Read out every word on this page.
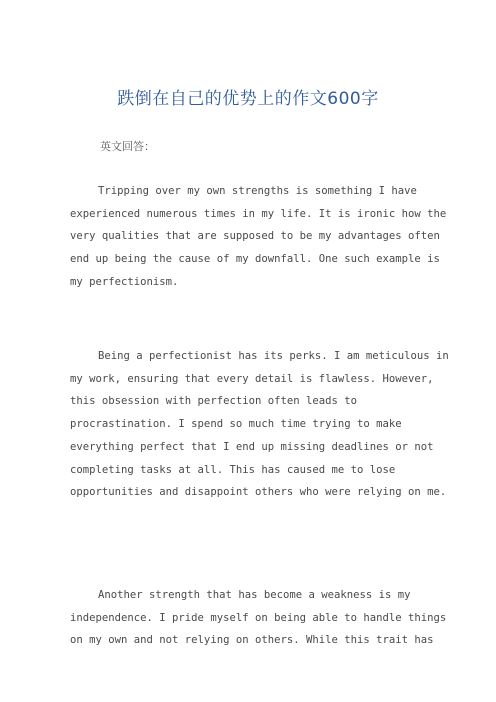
跌倒在自己的优势上的作文600字
英文回答：
Tripping over my own strengths is something I have
experienced numerous times in my life. It is ironic how the
very qualities that are supposed to be my advantages often
end up being the cause of my downfall. One such example is
my perfectionism.
Being a perfectionist has its perks. I am meticulous in
my work, ensuring that every detail is flawless. However,
this obsession with perfection often leads to
procrastination. I spend so much time trying to make
everything perfect that I end up missing deadlines or not
completing tasks at all. This has caused me to lose
opportunities and disappoint others who were relying on me.
Another strength that has become a weakness is my
independence. I pride myself on being able to handle things
on my own and not relying on others. While this trait has
